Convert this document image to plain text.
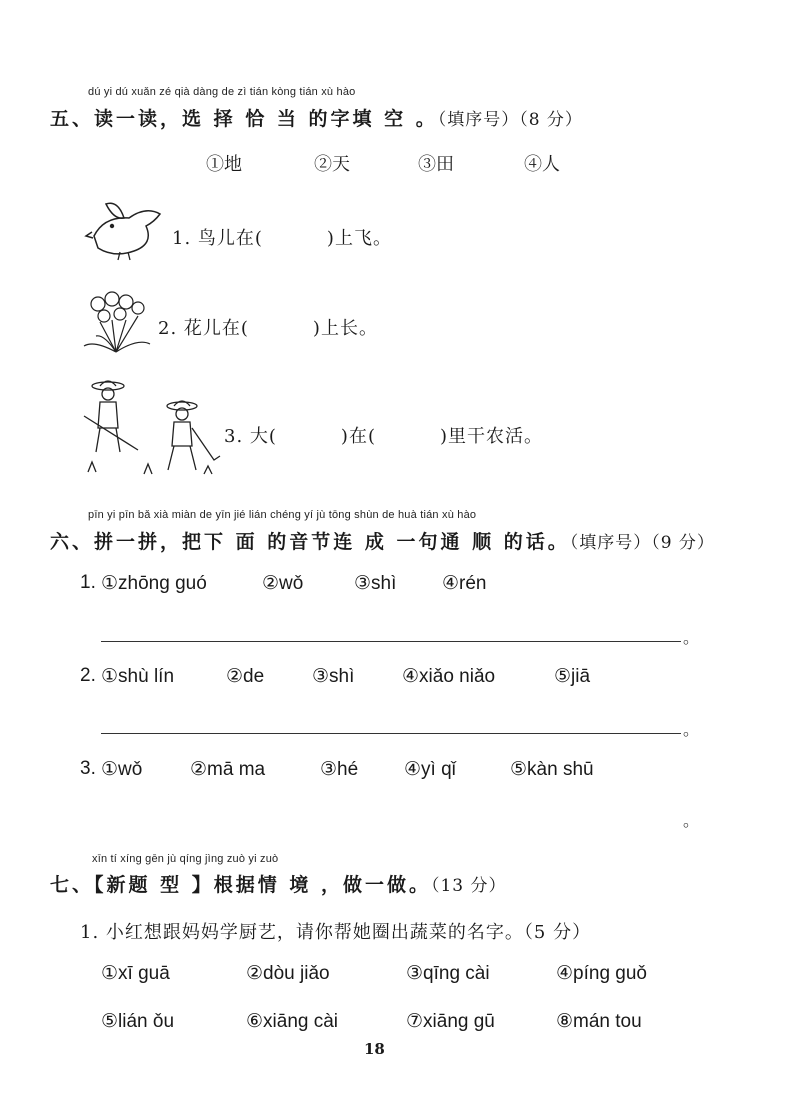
dú yi dú xuǎn zé qià dàng de zì tián kòng tián xù hào
五、读一读，选 择 恰 当 的字填 空 。（填序号）（8 分）
①地	②天	③田	④人
1. 鸟儿在(	)上飞。
2. 花儿在(	)上长。
3. 大(	)在(	)里干农活。
pīn yi pīn bǎ xià miàn de yīn jié lián chéng yí jù tōng shùn de huà tián xù hào
六、拼一拼，把下 面 的音节连 成 一句通 顺 的话。（填序号）（9 分）
1. ①zhōng guó	②wǒ	③shì ④rén
。
2. ①shù lín	②de	③shì	④xiǎo niǎo	⑤jiā
。
3. ①wǒ	②mā ma	③hé ④yì qǐ	⑤kàn shū
。
xīn tí xíng gēn jù qíng jìng zuò yi zuò
七、【新题 型 】根据情 境 ，做一做。（13 分）
1. 小红想跟妈妈学厨艺，请你帮她圈出蔬菜的名字。（5 分）
①xī guā	②dòu jiǎo	③qīng cài	④píng guǒ
⑤lián ǒu	⑥xiāng cài	⑦xiāng gū	⑧mán tou
18
